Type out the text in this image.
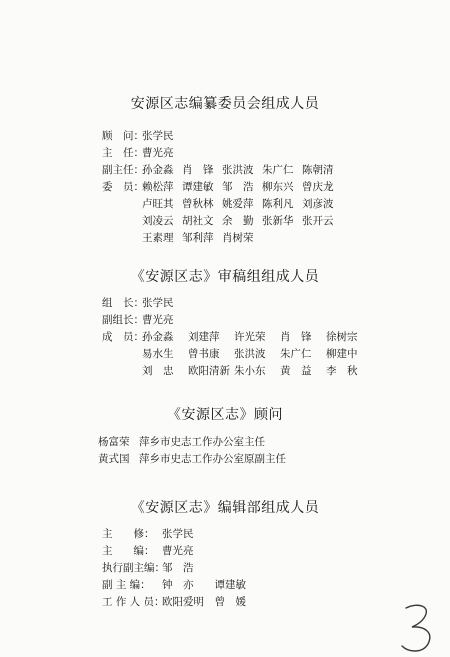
安源区志编纂委员会组成人员
顾　问：
张学民
主　任：
曹光亮
副主任：
孙金淼 肖　锋 张洪波 朱广仁 陈朝清
委　员：
赖松萍 谭建敏 邹　浩 柳东兴 曾庆龙
卢旺其 曾秋林 姚爱萍 陈利凡 刘彦波
刘凌云 胡社文 余　勤 张新华 张开云
王素理 邹利萍 肖树荣
《安源区志》审稿组组成人员
组　长：
张学民
副组长：
曹光亮
成　员：
孙金淼 刘建萍 许光荣 肖　锋 徐树宗
易水生 曾书康 张洪波 朱广仁 柳建中
刘　忠 欧阳清新 朱小东 黄　益 李　秋
《安源区志》顾问
杨富荣 萍乡市史志工作办公室主任
黄式国 萍乡市史志工作办公室原副主任
《安源区志》编辑部组成人员
主　　修： 张学民
主　　编： 曹光亮
执行副主编：
邹　浩
副 主 编： 钟　亦　　谭建敏
工 作 人 员：
欧阳爱明　曾　媛
